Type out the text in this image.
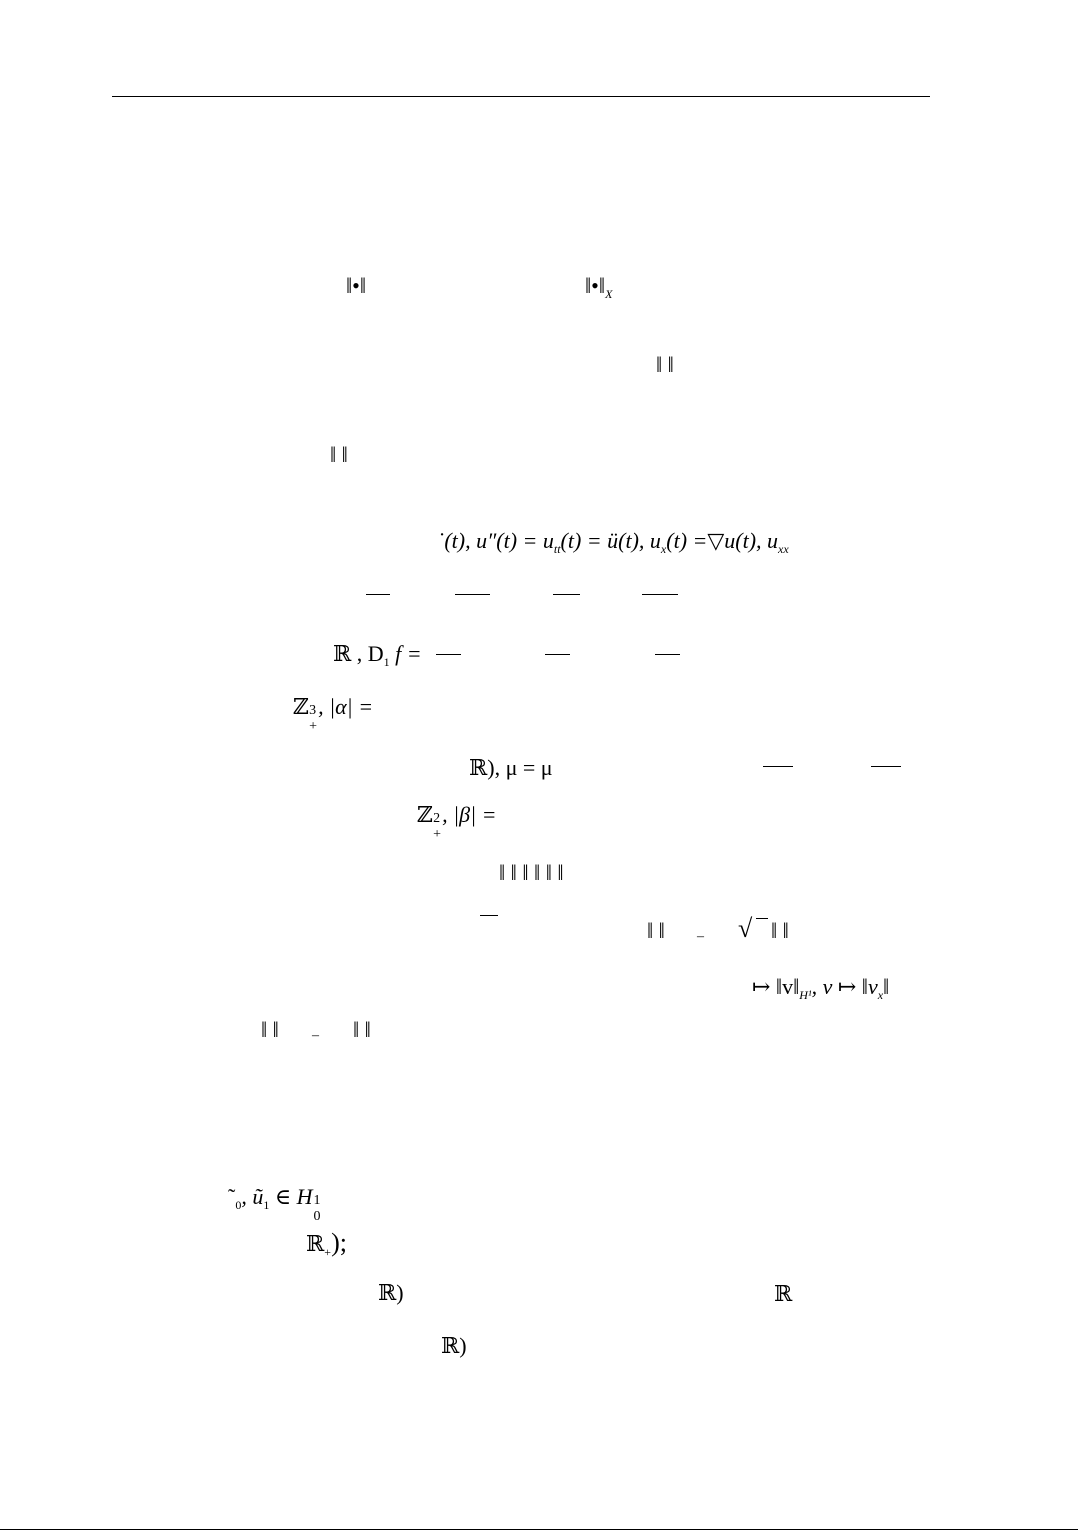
‖•‖	$‖•‖_X$
‖ ‖
‖ ‖
˙(t), $u''(t) = u_{tt}(t)$ = ü(t), $u_x(t)$ =▽u(t), $u_{xx}$
ℝ , $D_1$ f =
ℤ 3
+
, |α| =
ℝ), μ = μ
ℤ 2
+
, |β| =
‖ ‖ ‖ ‖ ‖ ‖
‖ ‖ – √ ‖ ‖
↦ $‖v‖_{H^1}$, v ↦ $‖v_x‖$
‖ ‖ – ‖ ‖
$˜_0$, $ũ_1$ ∈ H 1
0
ℝ$_+$);
ℝ)	ℝ
ℝ)
